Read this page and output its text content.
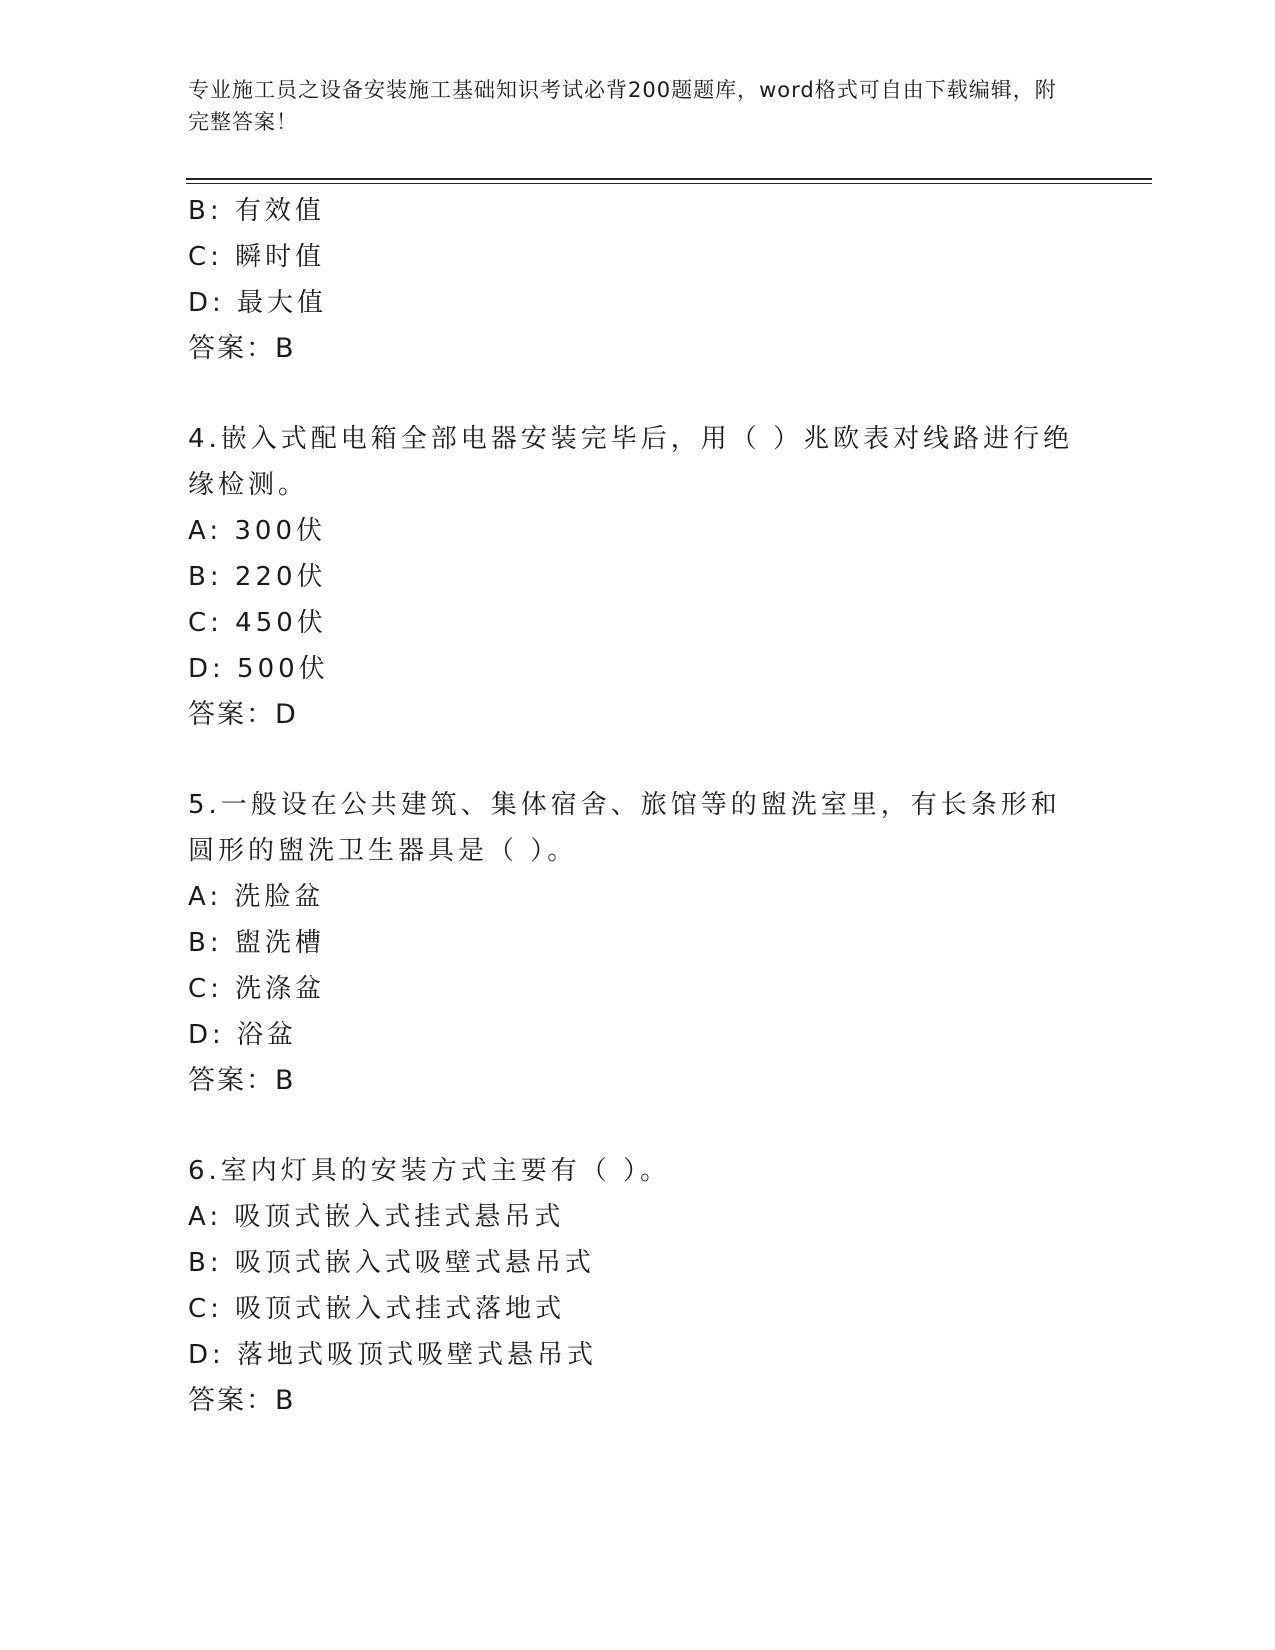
专业施工员之设备安装施工基础知识考试必背200题题库，word格式可自由下载编辑，附完整答案！
B: 有效值
C: 瞬时值
D: 最大值
答案：B
4.嵌入式配电箱全部电器安装完毕后，用（ ）兆欧表对线路进行绝缘检测。
A: 300伏
B: 220伏
C: 450伏
D: 500伏
答案：D
5.一般设在公共建筑、集体宿舍、旅馆等的盥洗室里，有长条形和圆形的盥洗卫生器具是（ ）。
A: 洗脸盆
B: 盥洗槽
C: 洗涤盆
D: 浴盆
答案：B
6.室内灯具的安装方式主要有（ ）。
A: 吸顶式嵌入式挂式悬吊式
B: 吸顶式嵌入式吸壁式悬吊式
C: 吸顶式嵌入式挂式落地式
D: 落地式吸顶式吸壁式悬吊式
答案：B
